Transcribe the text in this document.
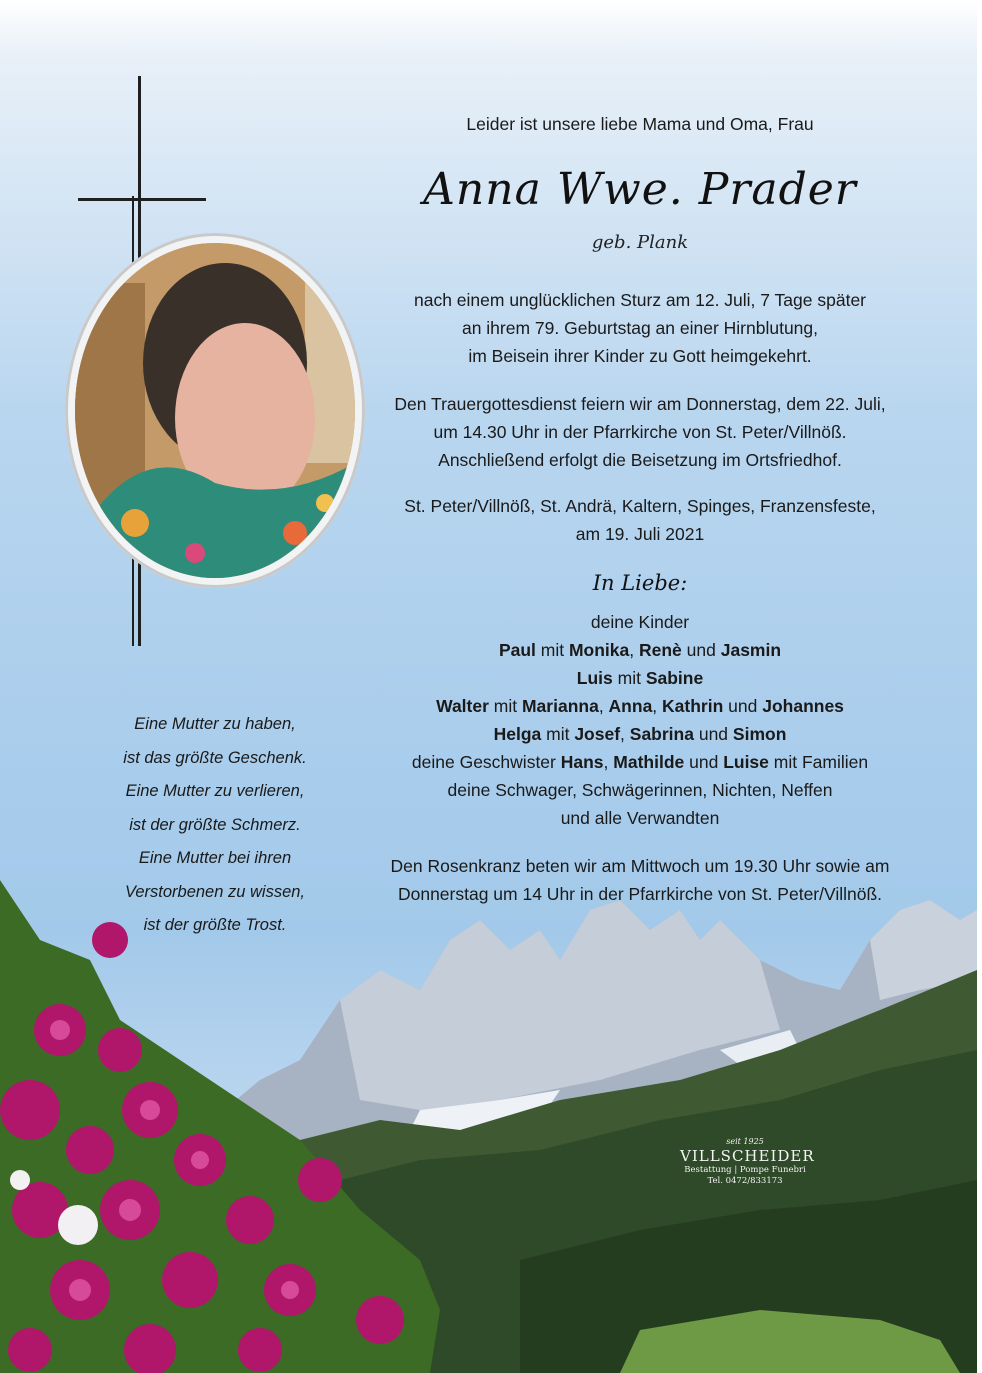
Leider ist unsere liebe Mama und Oma, Frau
Anna Wwe. Prader
geb. Plank
nach einem unglücklichen Sturz am 12. Juli, 7 Tage später
an ihrem 79. Geburtstag an einer Hirnblutung,
im Beisein ihrer Kinder zu Gott heimgekehrt.
Den Trauergottesdienst feiern wir am Donnerstag, dem 22. Juli,
um 14.30 Uhr in der Pfarrkirche von St. Peter/Villnöß.
Anschließend erfolgt die Beisetzung im Ortsfriedhof.
St. Peter/Villnöß, St. Andrä, Kaltern, Spinges, Franzensfeste,
am 19. Juli 2021
In Liebe:
deine Kinder
Paul mit Monika, Renè und Jasmin
Luis mit Sabine
Walter mit Marianna, Anna, Kathrin und Johannes
Helga mit Josef, Sabrina und Simon
deine Geschwister Hans, Mathilde und Luise mit Familien
deine Schwager, Schwägerinnen, Nichten, Neffen
und alle Verwandten
Den Rosenkranz beten wir am Mittwoch um 19.30 Uhr sowie am
Donnerstag um 14 Uhr in der Pfarrkirche von St. Peter/Villnöß.
Eine Mutter zu haben,
ist das größte Geschenk.
Eine Mutter zu verlieren,
ist der größte Schmerz.
Eine Mutter bei ihren
Verstorbenen zu wissen,
ist der größte Trost.
seit 1925
VILLSCHEIDER
Bestattung | Pompe Funebri
Tel. 0472/833173
